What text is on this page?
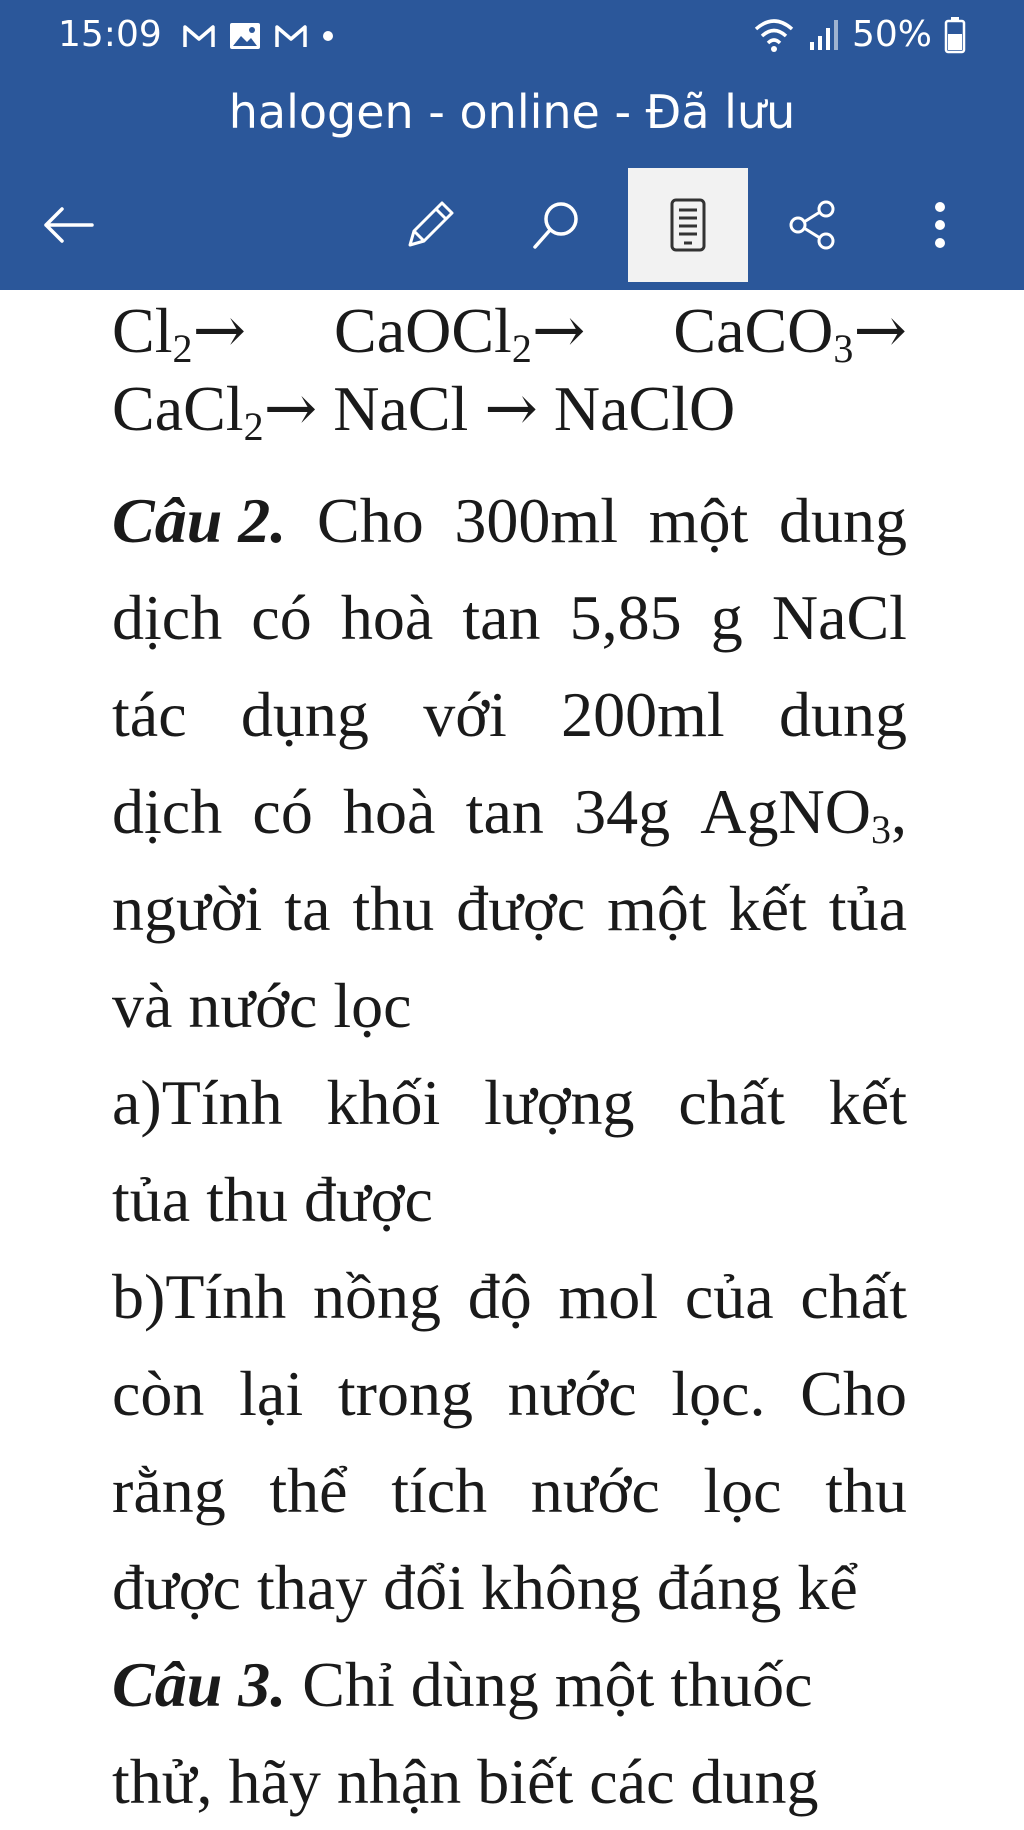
15:09	50%
halogen - online - Đã lưu
Cl2→ CaOCl2→ CaCO3→
CaCl$_2$→ NaCl → NaClO
Câu 2. Cho 300ml một dung
dịch có hoà tan 5,85 g NaCl
tác dụng với 200ml dung
dịch có hoà tan 34g AgNO3,
người ta thu được một kết tủa
và nước lọc
a)Tính khối lượng chất kết
tủa thu được
b)Tính nồng độ mol của chất
còn lại trong nước lọc. Cho
rằng thể tích nước lọc thu
được thay đổi không đáng kể
Câu 3. Chỉ dùng một thuốc
thử, hãy nhận biết các dung
